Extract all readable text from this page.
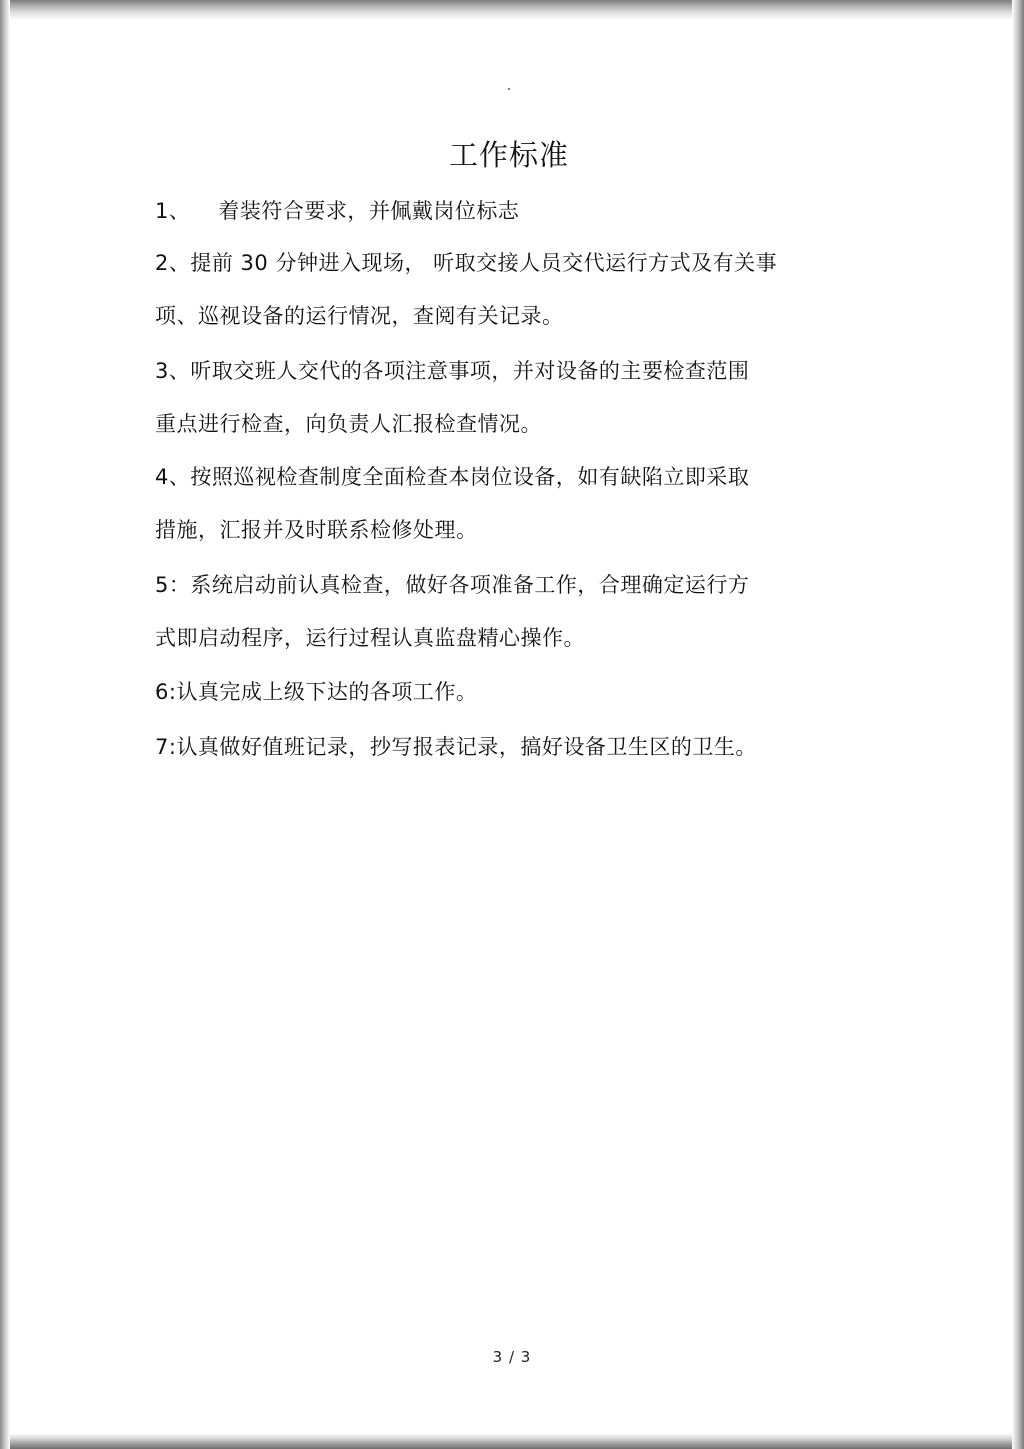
工作标准

1、 着装符合要求，并佩戴岗位标志

2、提前 30 分钟进入现场， 听取交接人员交代运行方式及有关事
项、巡视设备的运行情况，查阅有关记录。

3、听取交班人交代的各项注意事项，并对设备的主要检查范围
重点进行检查，向负责人汇报检查情况。

4、按照巡视检查制度全面检查本岗位设备，如有缺陷立即采取
措施，汇报并及时联系检修处理。

5：系统启动前认真检查，做好各项准备工作，合理确定运行方
式即启动程序，运行过程认真监盘精心操作。

6:认真完成上级下达的各项工作。

7:认真做好值班记录，抄写报表记录，搞好设备卫生区的卫生。

3 / 3
